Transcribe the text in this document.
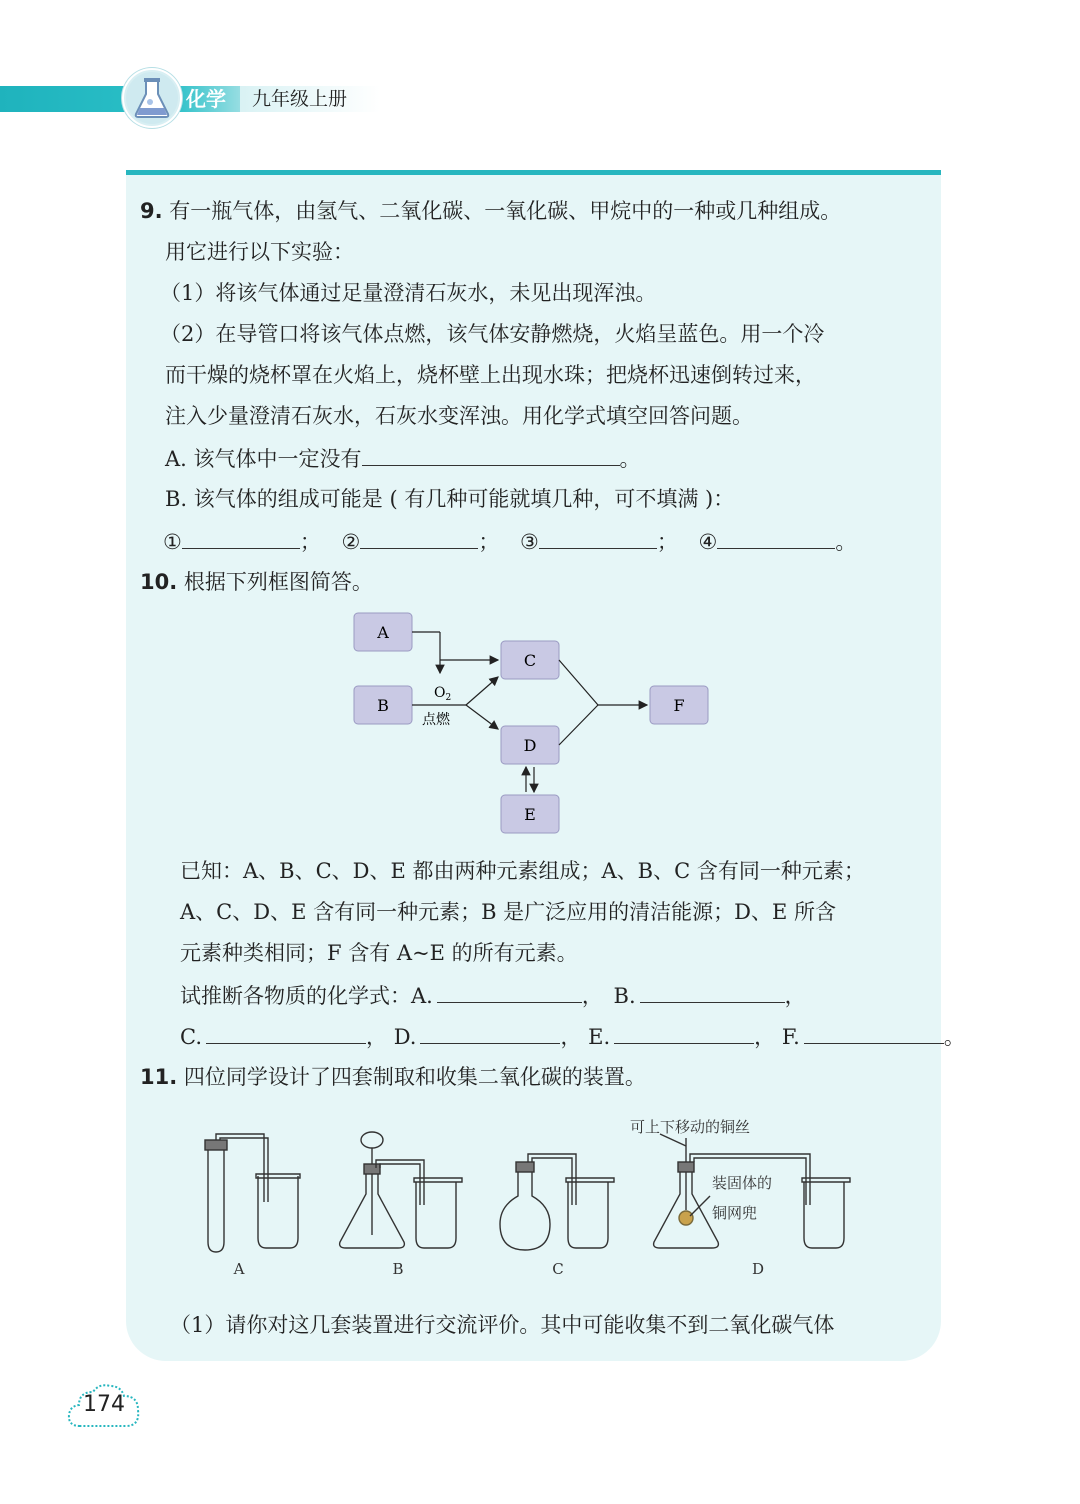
化学 九年级上册
9. 有一瓶气体，由氢气、二氧化碳、一氧化碳、甲烷中的一种或几种组成。
用它进行以下实验：
（1）将该气体通过足量澄清石灰水，未见出现浑浊。
（2）在导管口将该气体点燃，该气体安静燃烧，火焰呈蓝色。用一个冷
而干燥的烧杯罩在火焰上，烧杯壁上出现水珠；把烧杯迅速倒转过来，
注入少量澄清石灰水，石灰水变浑浊。用化学式填空回答问题。
A. 该气体中一定没有	。
B. 该气体的组成可能是 ( 有几种可能就填几种，可不填满 )：
①	； ②	； ③	； ④	。
10. 根据下列框图简答。
A
B
C
D
E
F
$O_2$
点燃
已知：A、B、C、D、E 都由两种元素组成；A、B、C 含有同一种元素；
A、C、D、E 含有同一种元素；B 是广泛应用的清洁能源；D、E 所含
元素种类相同；F 含有 A~E 的所有元素。
试推断各物质的化学式：A.	， B.	，
C.	， D.	， E.	， F.	。
11. 四位同学设计了四套制取和收集二氧化碳的装置。
可上下移动的铜丝
装固体的
铜网兜
A	B	C	D
（1）请你对这几套装置进行交流评价。其中可能收集不到二氧化碳气体
174
